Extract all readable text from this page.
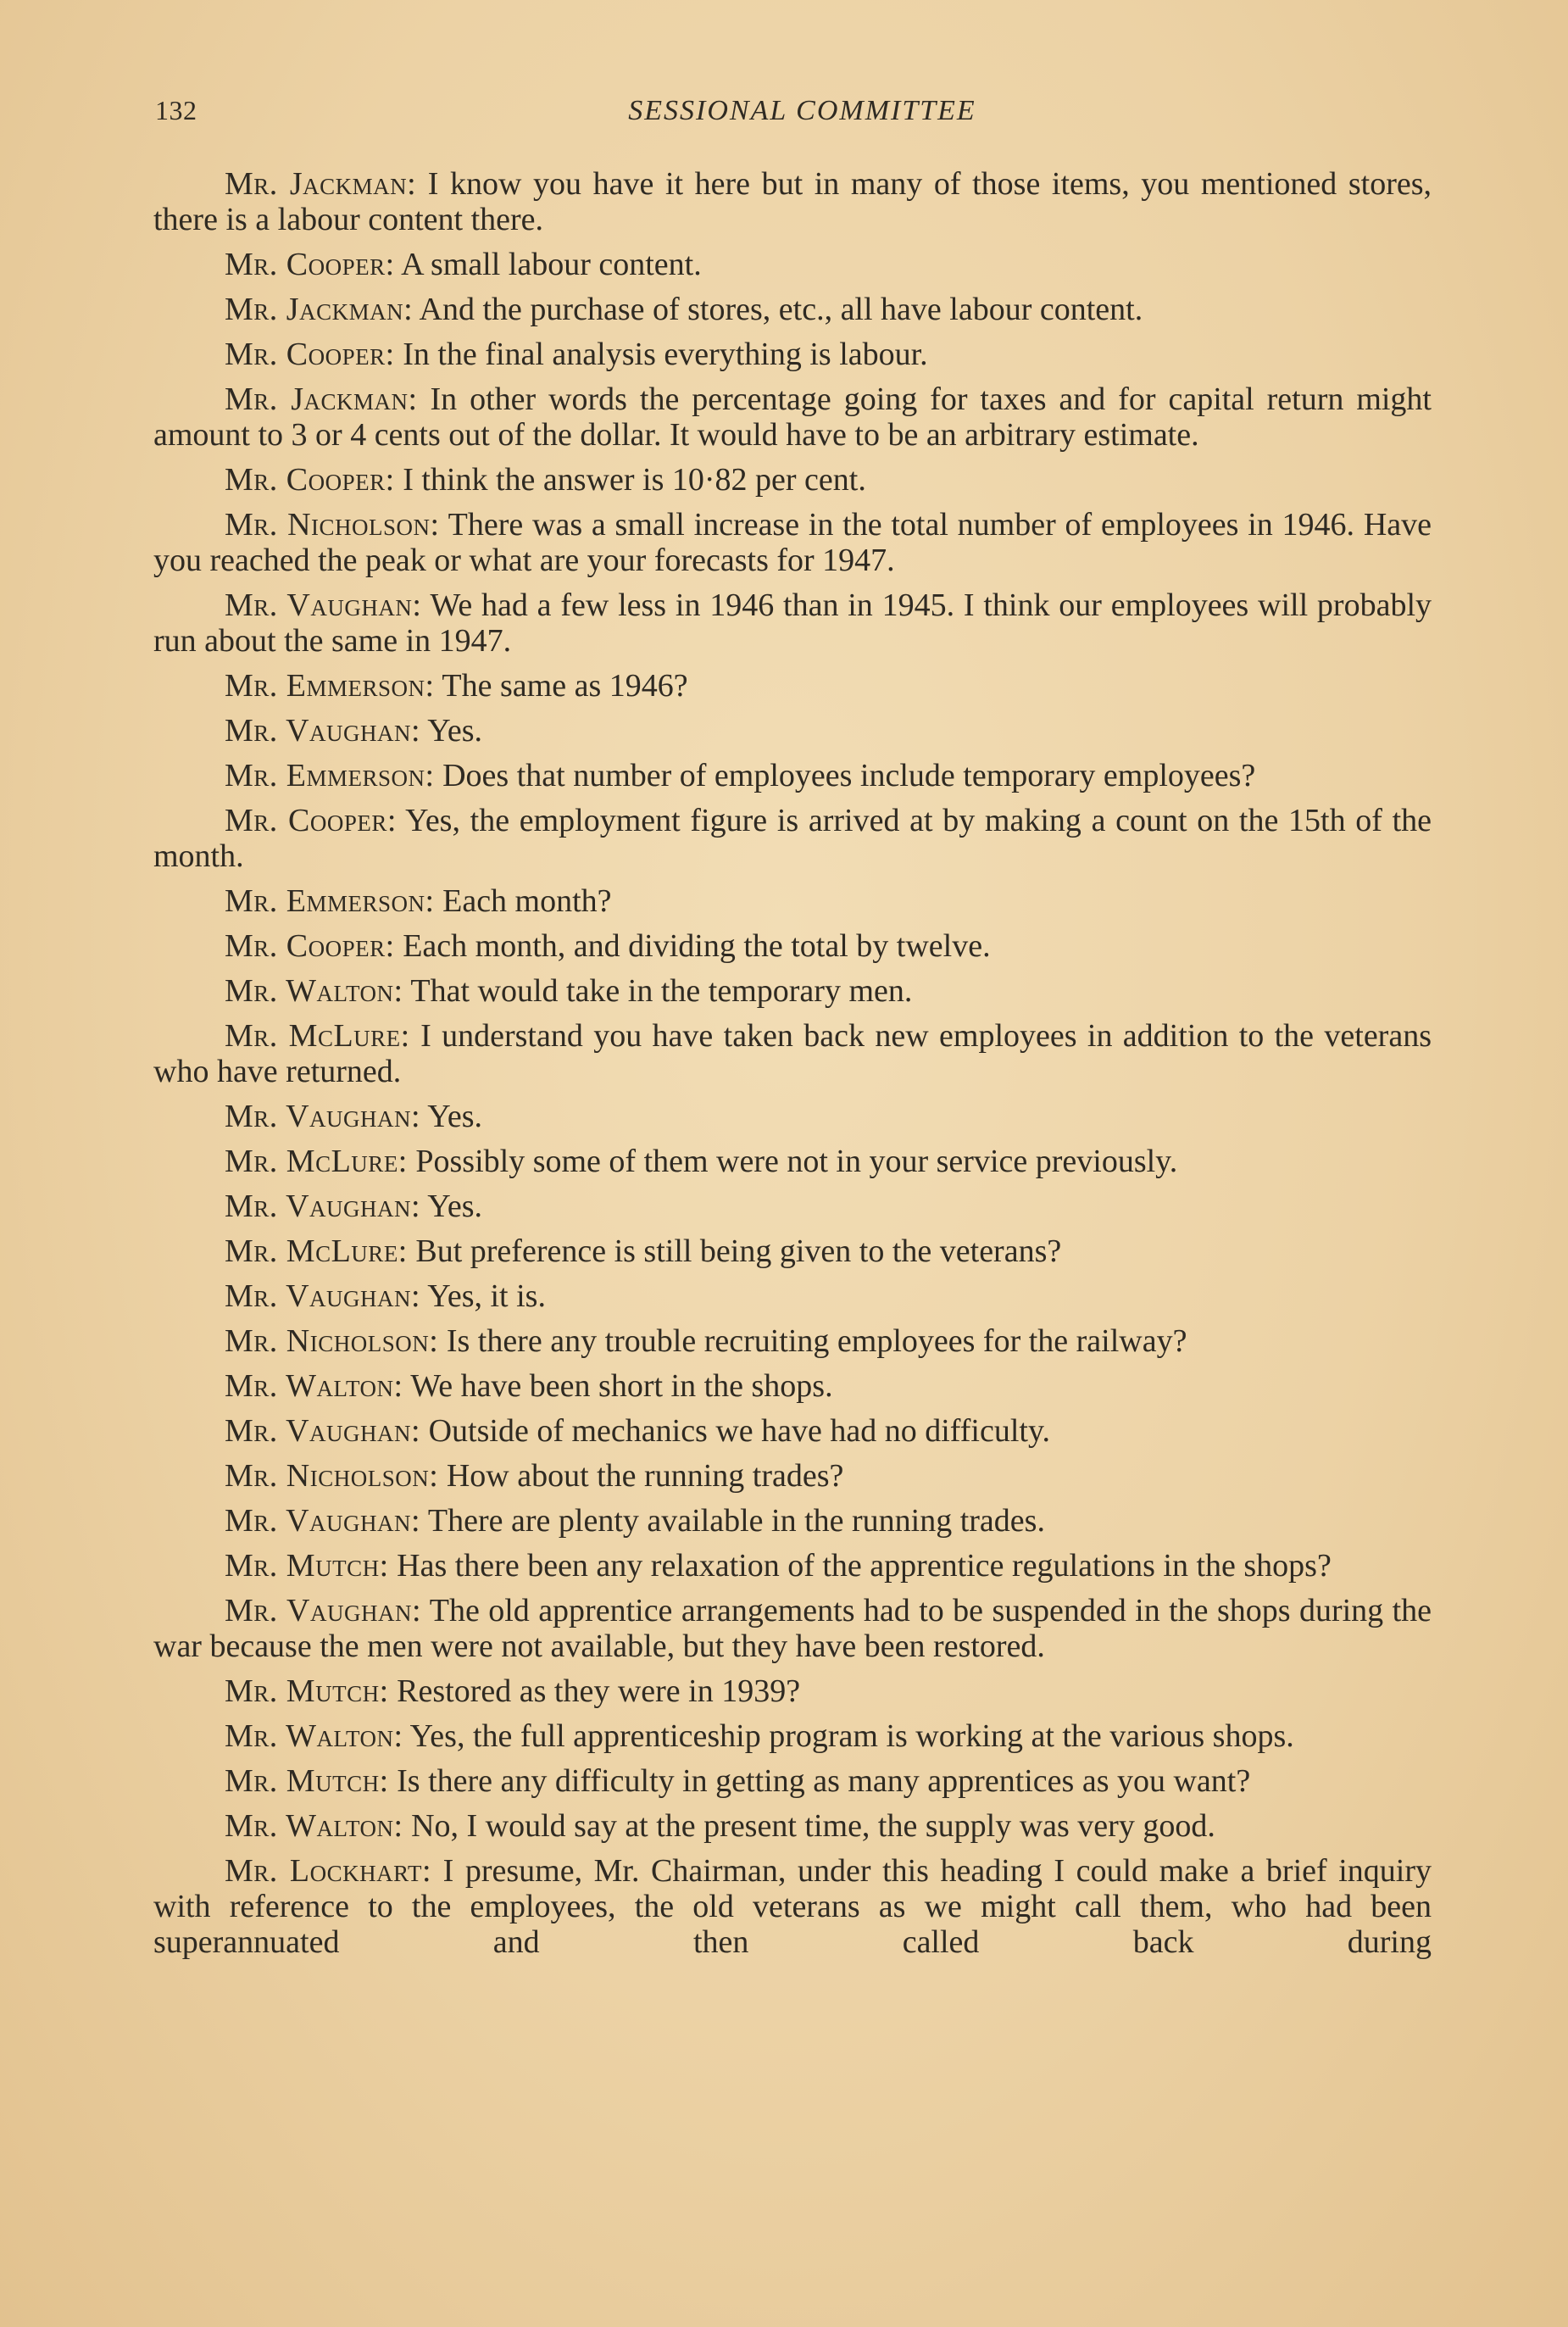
132	SESSIONAL COMMITTEE

Mr. Jackman: I know you have it here but in many of those items, you mentioned stores, there is a labour content there.

Mr. Cooper: A small labour content.

Mr. Jackman: And the purchase of stores, etc., all have labour content.

Mr. Cooper: In the final analysis everything is labour.

Mr. Jackman: In other words the percentage going for taxes and for capital return might amount to 3 or 4 cents out of the dollar. It would have to be an arbitrary estimate.

Mr. Cooper: I think the answer is 10·82 per cent.

Mr. Nicholson: There was a small increase in the total number of employees in 1946. Have you reached the peak or what are your forecasts for 1947.

Mr. Vaughan: We had a few less in 1946 than in 1945. I think our employees will probably run about the same in 1947.

Mr. Emmerson: The same as 1946?

Mr. Vaughan: Yes.

Mr. Emmerson: Does that number of employees include temporary employees?

Mr. Cooper: Yes, the employment figure is arrived at by making a count on the 15th of the month.

Mr. Emmerson: Each month?

Mr. Cooper: Each month, and dividing the total by twelve.

Mr. Walton: That would take in the temporary men.

Mr. McLure: I understand you have taken back new employees in addition to the veterans who have returned.

Mr. Vaughan: Yes.

Mr. McLure: Possibly some of them were not in your service previously.

Mr. Vaughan: Yes.

Mr. McLure: But preference is still being given to the veterans?

Mr. Vaughan: Yes, it is.

Mr. Nicholson: Is there any trouble recruiting employees for the railway?

Mr. Walton: We have been short in the shops.

Mr. Vaughan: Outside of mechanics we have had no difficulty.

Mr. Nicholson: How about the running trades?

Mr. Vaughan: There are plenty available in the running trades.

Mr. Mutch: Has there been any relaxation of the apprentice regulations in the shops?

Mr. Vaughan: The old apprentice arrangements had to be suspended in the shops during the war because the men were not available, but they have been restored.

Mr. Mutch: Restored as they were in 1939?

Mr. Walton: Yes, the full apprenticeship program is working at the various shops.

Mr. Mutch: Is there any difficulty in getting as many apprentices as you want?

Mr. Walton: No, I would say at the present time, the supply was very good.

Mr. Lockhart: I presume, Mr. Chairman, under this heading I could make a brief inquiry with reference to the employees, the old veterans as we might call them, who had been superannuated and then called back during
